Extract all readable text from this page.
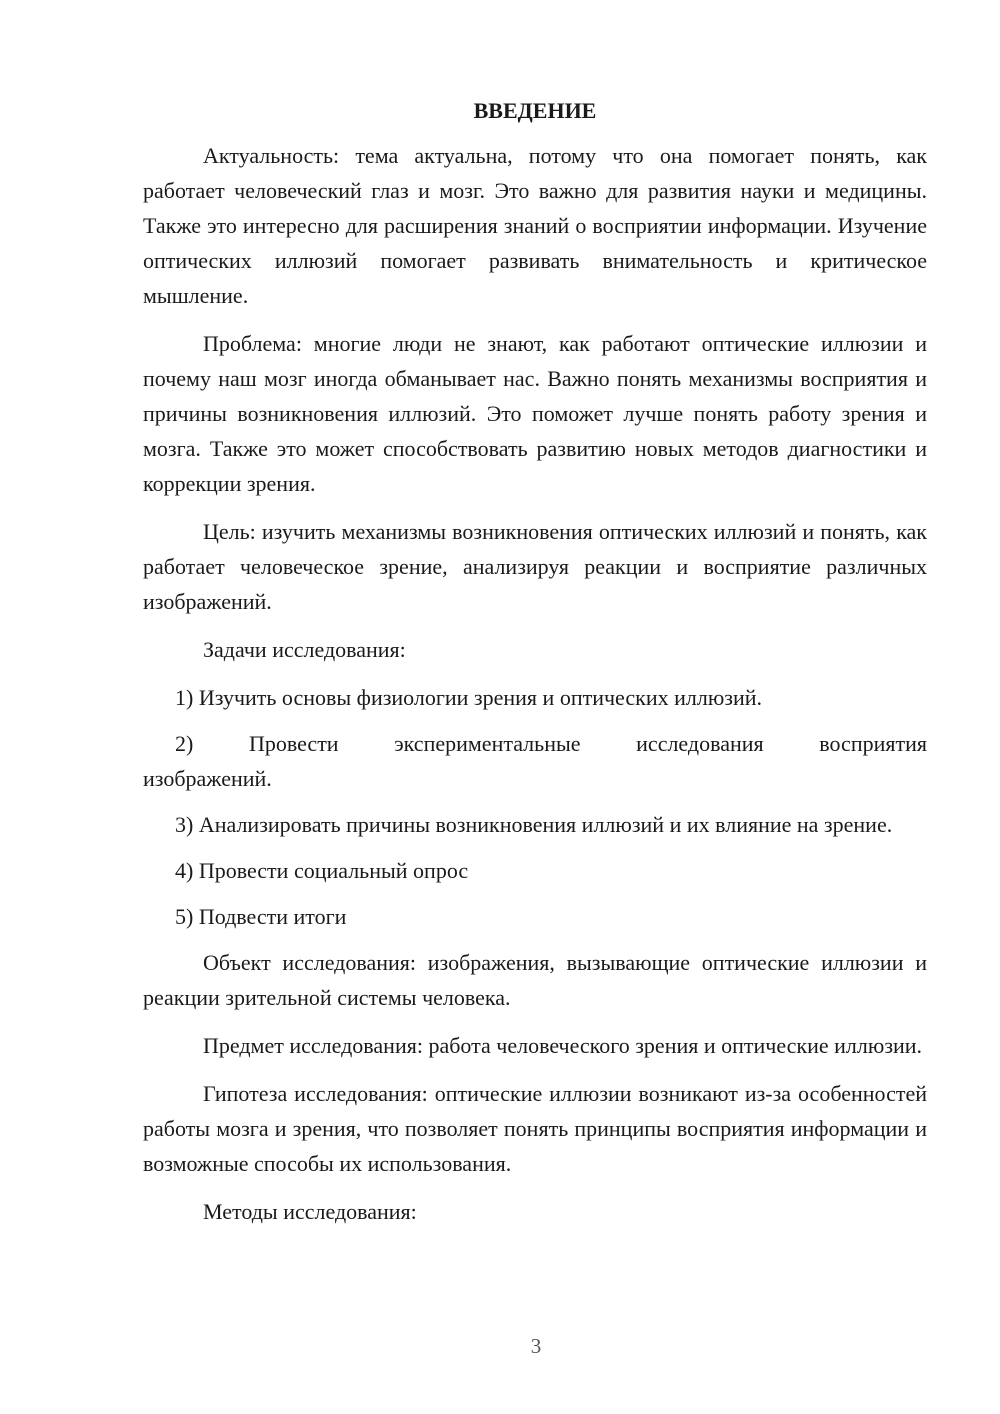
ВВЕДЕНИЕ

Актуальность: тема актуальна, потому что она помогает понять, как работает человеческий глаз и мозг. Это важно для развития науки и медицины. Также это интересно для расширения знаний о восприятии информации. Изучение оптических иллюзий помогает развивать внимательность и критическое мышление.

Проблема: многие люди не знают, как работают оптические иллюзии и почему наш мозг иногда обманывает нас. Важно понять механизмы восприятия и причины возникновения иллюзий. Это поможет лучше понять работу зрения и мозга. Также это может способствовать развитию новых методов диагностики и коррекции зрения.

Цель: изучить механизмы возникновения оптических иллюзий и понять, как работает человеческое зрение, анализируя реакции и восприятие различных изображений.

Задачи исследования:

1) Изучить основы физиологии зрения и оптических иллюзий.

2) Провести экспериментальные исследования восприятия изображений.

3) Анализировать причины возникновения иллюзий и их влияние на зрение.

4) Провести социальный опрос

5) Подвести итоги

Объект исследования: изображения, вызывающие оптические иллюзии и реакции зрительной системы человека.

Предмет исследования: работа человеческого зрения и оптические иллюзии.

Гипотеза исследования: оптические иллюзии возникают из-за особенностей работы мозга и зрения, что позволяет понять принципы восприятия информации и возможные способы их использования.

Методы исследования:

3
